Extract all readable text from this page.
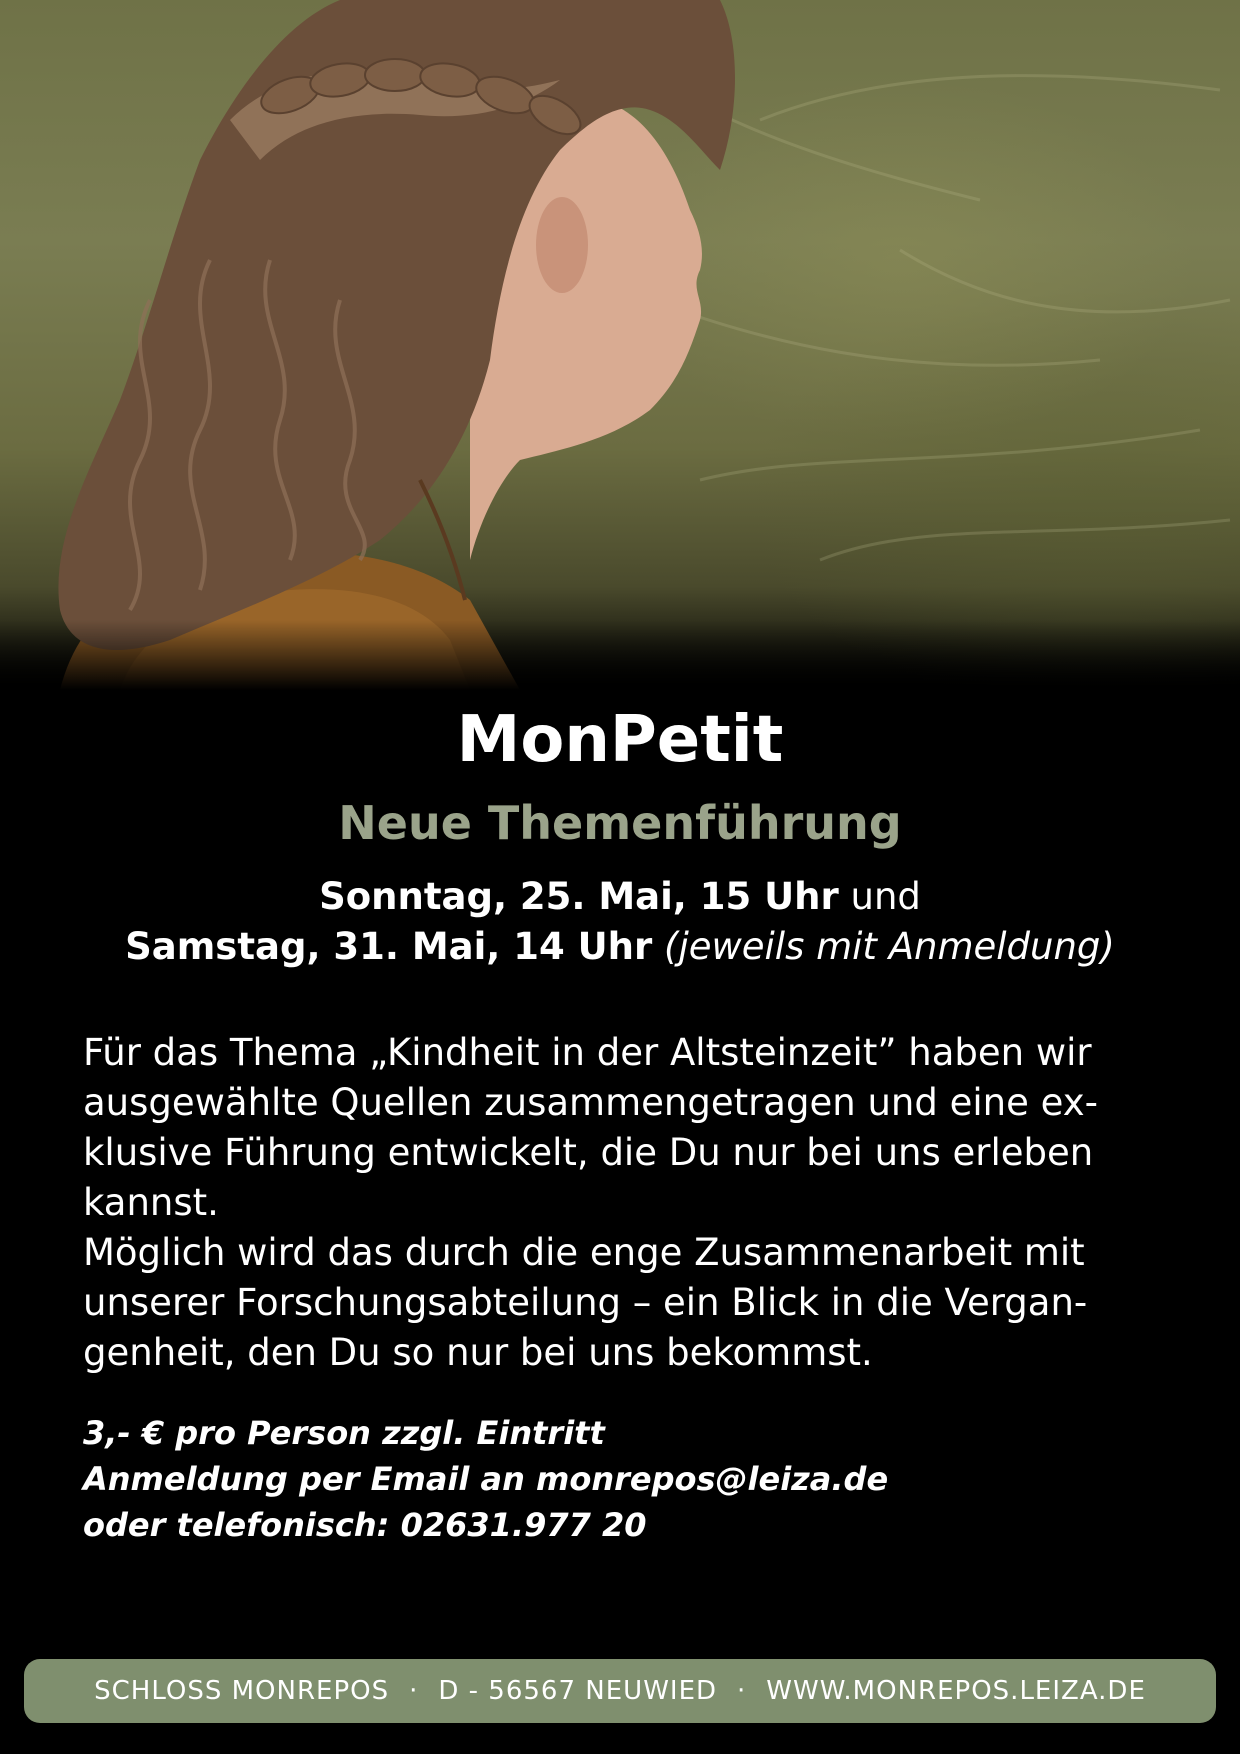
MonPetit
Neue Themenführung
Sonntag, 25. Mai, 15 Uhr und
Samstag, 31. Mai, 14 Uhr (jeweils mit Anmeldung)

Für das Thema „Kindheit in der Altsteinzeit” haben wir
ausgewählte Quellen zusammengetragen und eine ex-
klusive Führung entwickelt, die Du nur bei uns erleben
kannst.

Möglich wird das durch die enge Zusammenarbeit mit
unserer Forschungsabteilung – ein Blick in die Vergan-
genheit, den Du so nur bei uns bekommst.

3,- € pro Person zzgl. Eintritt
Anmeldung per Email an monrepos@leiza.de
oder telefonisch: 02631.977 20
SCHLOSS MONREPOS · D - 56567 NEUWIED · WWW.MONREPOS.LEIZA.DE
